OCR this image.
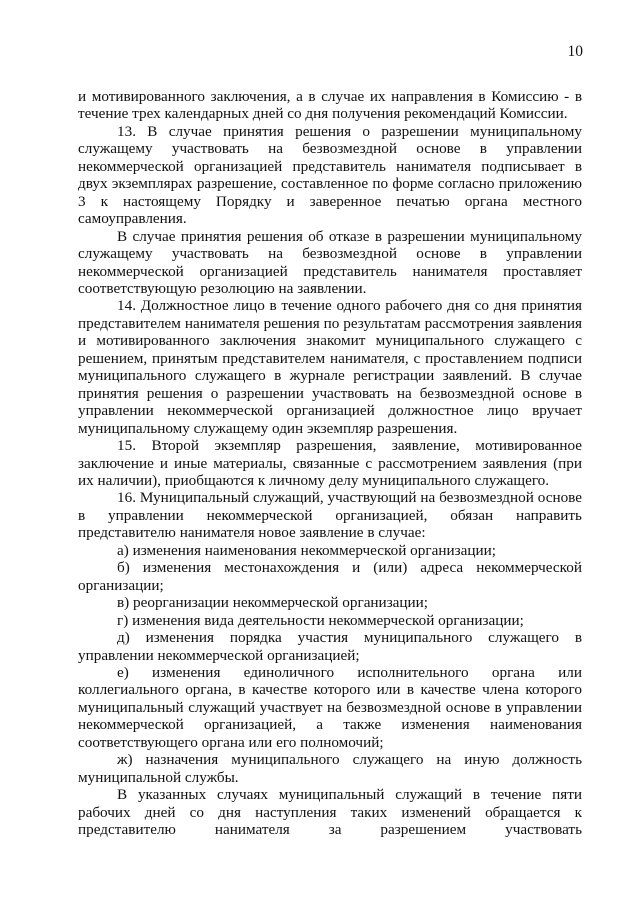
10

и мотивированного заключения, а в случае их направления в Комиссию - в течение трех календарных дней со дня получения рекомендаций Комиссии.

13. В случае принятия решения о разрешении муниципальному служащему участвовать на безвозмездной основе в управлении некоммерческой организацией представитель нанимателя подписывает в двух экземплярах разрешение, составленное по форме согласно приложению 3 к настоящему Порядку и заверенное печатью органа местного самоуправления.

В случае принятия решения об отказе в разрешении муниципальному служащему участвовать на безвозмездной основе в управлении некоммерческой организацией представитель нанимателя проставляет соответствующую резолюцию на заявлении.

14. Должностное лицо в течение одного рабочего дня со дня принятия представителем нанимателя решения по результатам рассмотрения заявления и мотивированного заключения знакомит муниципального служащего с решением, принятым представителем нанимателя, с проставлением подписи муниципального служащего в журнале регистрации заявлений. В случае принятия решения о разрешении участвовать на безвозмездной основе в управлении некоммерческой организацией должностное лицо вручает муниципальному служащему один экземпляр разрешения.

15. Второй экземпляр разрешения, заявление, мотивированное заключение и иные материалы, связанные с рассмотрением заявления (при их наличии), приобщаются к личному делу муниципального служащего.

16. Муниципальный служащий, участвующий на безвозмездной основе в управлении некоммерческой организацией, обязан направить представителю нанимателя новое заявление в случае:

а) изменения наименования некоммерческой организации;

б) изменения местонахождения и (или) адреса некоммерческой организации;

в) реорганизации некоммерческой организации;

г) изменения вида деятельности некоммерческой организации;

д) изменения порядка участия муниципального служащего в управлении некоммерческой организацией;

е) изменения единоличного исполнительного органа или коллегиального органа, в качестве которого или в качестве члена которого муниципальный служащий участвует на безвозмездной основе в управлении некоммерческой организацией, а также изменения наименования соответствующего органа или его полномочий;

ж) назначения муниципального служащего на иную должность муниципальной службы.

В указанных случаях муниципальный служащий в течение пяти рабочих дней со дня наступления таких изменений обращается к представителю нанимателя за разрешением участвовать
